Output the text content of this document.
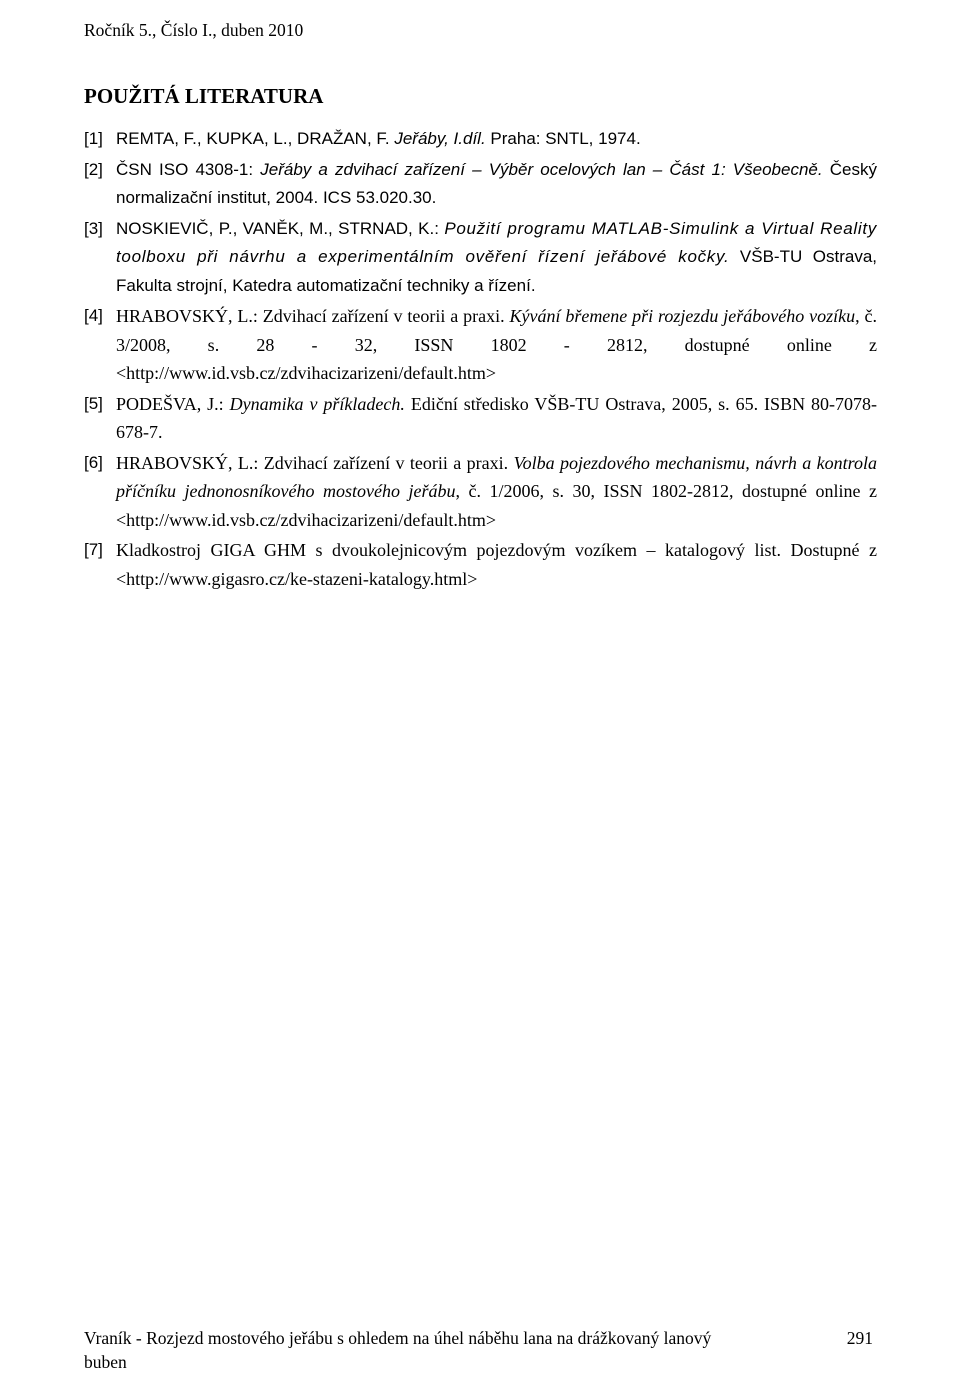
Ročník 5., Číslo I., duben 2010
POUŽITÁ LITERATURA
[1] REMTA, F., KUPKA, L., DRAŽAN, F. Jeřáby, I.díl. Praha: SNTL, 1974.
[2] ČSN ISO 4308-1: Jeřáby a zdvihací zařízení – Výběr ocelových lan – Část 1: Všeobecně. Český normalizační institut, 2004. ICS 53.020.30.
[3] NOSKIEVIČ, P., VANĚK, M., STRNAD, K.: Použití programu MATLAB-Simulink a Virtual Reality toolboxu při návrhu a experimentálním ověření řízení jeřábové kočky. VŠB-TU Ostrava, Fakulta strojní, Katedra automatizační techniky a řízení.
[4] HRABOVSKÝ, L.: Zdvihací zařízení v teorii a praxi. Kývání břemene při rozjezdu jeřábového vozíku, č. 3/2008, s. 28 - 32, ISSN 1802 - 2812, dostupné online z <http://www.id.vsb.cz/zdvihacizarizeni/default.htm>
[5] PODEŠVA, J.: Dynamika v příkladech. Ediční středisko VŠB-TU Ostrava, 2005, s. 65. ISBN 80-7078-678-7.
[6] HRABOVSKÝ, L.: Zdvihací zařízení v teorii a praxi. Volba pojezdového mechanismu, návrh a kontrola příčníku jednonosníkového mostového jeřábu, č. 1/2006, s. 30, ISSN 1802-2812, dostupné online z <http://www.id.vsb.cz/zdvihacizarizeni/default.htm>
[7] Kladkostroj GIGA GHM s dvoukolejnicovým pojezdovým vozíkem – katalogový list. Dostupné z <http://www.gigasro.cz/ke-stazeni-katalogy.html>
Vraník - Rozjezd mostového jeřábu s ohledem na úhel náběhu lana na drážkovaný lanový buben
291
